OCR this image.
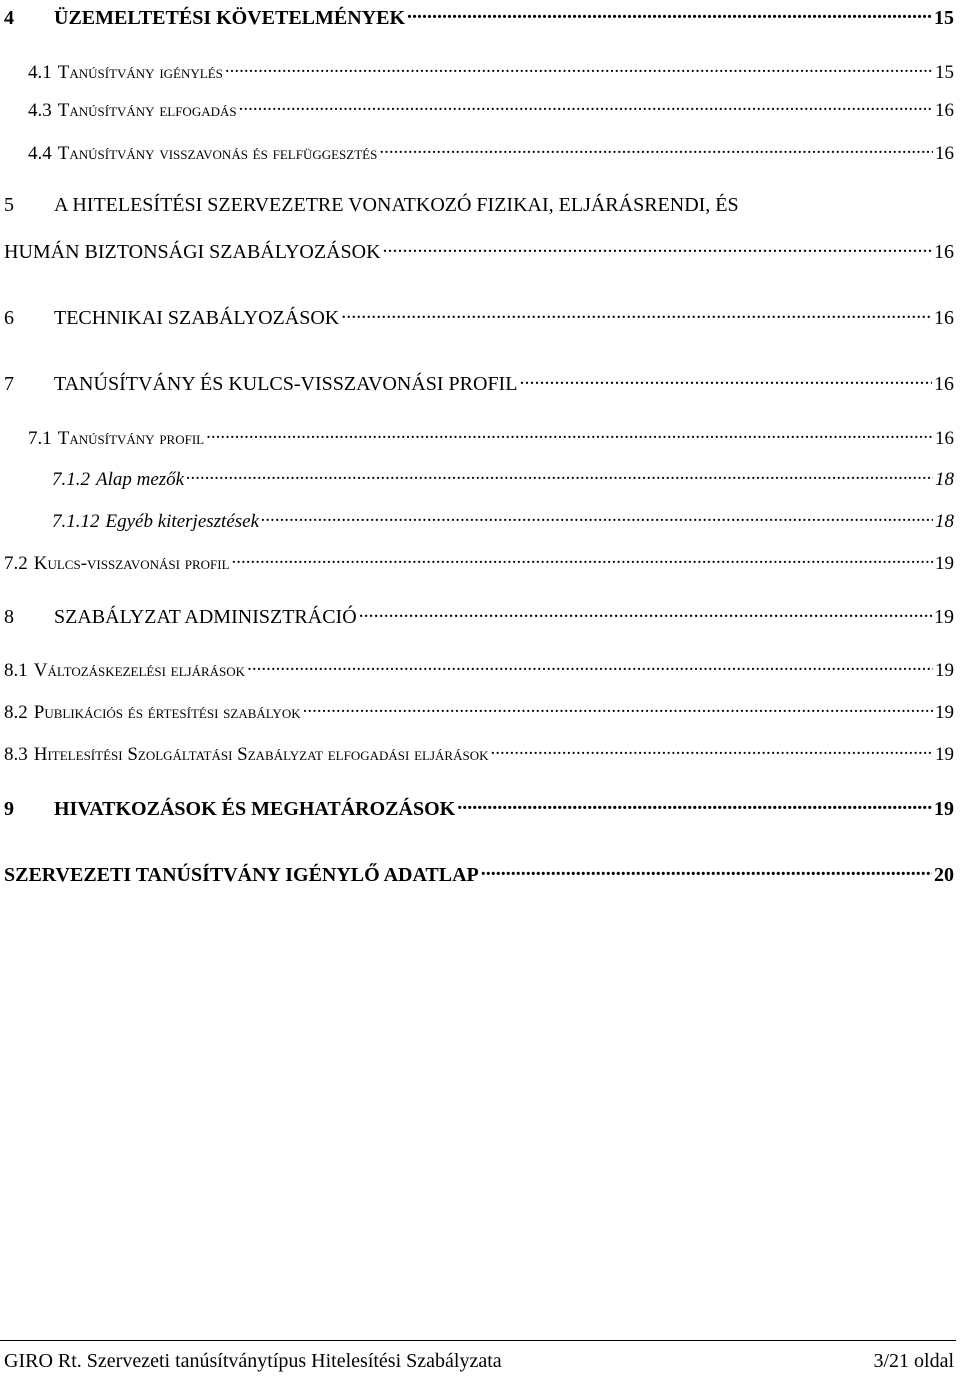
4	ÜZEMELTETÉSI KÖVETELMÉNYEK .....	15
4.1 Tanúsítvány igénylés .....	15
4.3 Tanúsítvány elfogadás .....	16
4.4 Tanúsítvány visszavonás és felfüggesztés .....	16
5 A HITELESÍTÉSI SZERVEZETRE VONATKOZÓ FIZIKAI, ELJÁRÁSRENDI, ÉS
HUMÁN BIZTONSÁGI SZABÁLYOZÁSOK .....	16
6	TECHNIKAI SZABÁLYOZÁSOK .....	16
7	TANÚSÍTVÁNY ÉS KULCS-VISSZAVONÁSI PROFIL .....	16
7.1 Tanúsítvány profil .....	16
7.1.2 Alap mezők .....	18
7.1.12 Egyéb kiterjesztések .....	18
7.2 Kulcs-visszavonási profil .....	19
8	SZABÁLYZAT ADMINISZTRÁCIÓ .....	19
8.1 Változáskezelési eljárások .....	19
8.2 Publikációs és értesítési szabályok .....	19
8.3 Hitelesítési Szolgáltatási Szabályzat elfogadási eljárások .....	19
9	HIVATKOZÁSOK ÉS MEGHATÁROZÁSOK .....	19
SZERVEZETI TANÚSÍTVÁNY IGÉNYLŐ ADATLAP .....	20
GIRO Rt. Szervezeti tanúsítványtípus Hitelesítési Szabályzata	3/21 oldal
